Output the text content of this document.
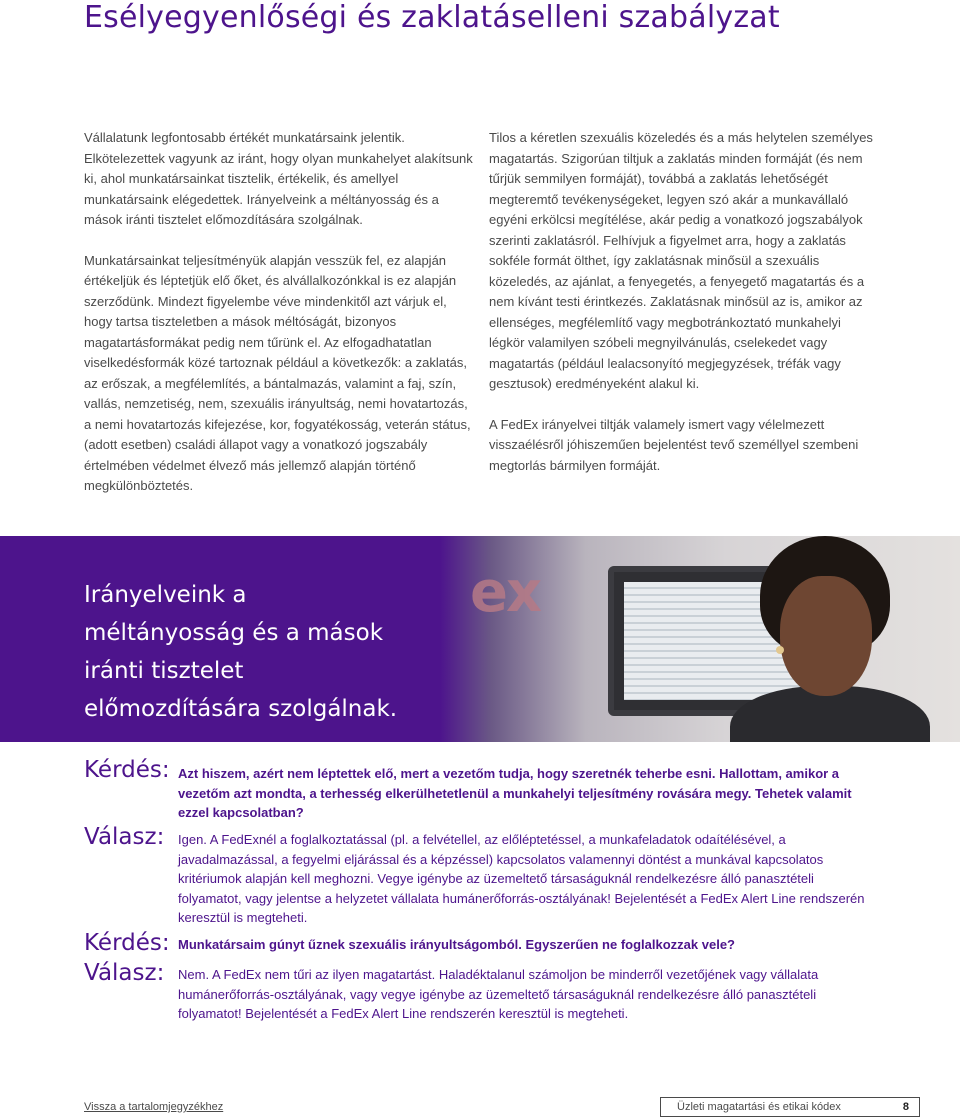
Esélyegyenlőségi és zaklatásellenі szabályzat

Vállalatunk legfontosabb értékét munkatársaink jelentik. Elkötelezettek vagyunk az iránt, hogy olyan munkahelyet alakítsunk ki, ahol munkatársainkat tisztelik, értékelik, és amellyel munkatársaink elégedettek. Irányelveink a méltányosság és a mások iránti tisztelet előmozdítására szolgálnak.

Munkatársainkat teljesítményük alapján vesszük fel, ez alapján értékeljük és léptetjük elő őket, és alvállalkozónkkal is ez alapján szerződünk. Mindezt figyelembe véve mindenkitől azt várjuk el, hogy tartsa tiszteletben a mások méltóságát, bizonyos magatartásformákat pedig nem tűrünk el. Az elfogadhatatlan viselkedésformák közé tartoznak például a következők: a zaklatás, az erőszak, a megfélemlítés, a bántalmazás, valamint a faj, szín, vallás, nemzetiség, nem, szexuális irányultság, nemi hovatartozás, a nemi hovatartozás kifejezése, kor, fogyatékosság, veterán státus, (adott esetben) családi állapot vagy a vonatkozó jogszabály értelmében védelmet élvező más jellemző alapján történő megkülönböztetés.

Tilos a kéretlen szexuális közeledés és a más helytelen személyes magatartás. Szigorúan tiltjuk a zaklatás minden formáját (és nem tűrjük semmilyen formáját), továbbá a zaklatás lehetőségét megteremtő tevékenységeket, legyen szó akár a munkavállaló egyéni erkölcsi megítélése, akár pedig a vonatkozó jogszabályok szerinti zaklatásról. Felhívjuk a figyelmet arra, hogy a zaklatás sokféle formát ölthet, így zaklatásnak minősül a szexuális közeledés, az ajánlat, a fenyegetés, a fenyegető magatartás és a nem kívánt testi érintkezés. Zaklatásnak minősül az is, amikor az ellenséges, megfélemlítő vagy megbotránkoztató munkahelyi légkör valamilyen szóbeli megnyilvánulás, cselekedet vagy magatartás (például lealacsonyító megjegyzések, tréfák vagy gesztusok) eredményeként alakul ki.

A FedEx irányelvei tiltják valamely ismert vagy vélelmezett visszaélésről jóhiszeműen bejelentést tevő személlyel szembeni megtorlás bármilyen formáját.

Irányelveink a méltányosság és a mások iránti tisztelet előmozdítására szolgálnak.
ex
Kérdés: Azt hiszem, azért nem léptettek elő, mert a vezetőm tudja, hogy szeretnék teherbe esni. Hallottam, amikor a vezetőm azt mondta, a terhesség elkerülhetetlenül a munkahelyi teljesítmény rovására megy. Tehetek valamit ezzel kapcsolatban?
Válasz: Igen. A FedExnél a foglalkoztatással (pl. a felvétellel, az előléptetéssel, a munkafeladatok odaítélésével, a javadalmazással, a fegyelmi eljárással és a képzéssel) kapcsolatos valamennyi döntést a munkával kapcsolatos kritériumok alapján kell meghozni. Vegye igénybe az üzemeltető társaságuknál rendelkezésre álló panasztételi folyamatot, vagy jelentse a helyzetet vállalata humánerőforrás-osztályának! Bejelentését a FedEx Alert Line rendszerén keresztül is megteheti.
Kérdés: Munkatársaim gúnyt űznek szexuális irányultságomból. Egyszerűen ne foglalkozzak vele?
Válasz: Nem. A FedEx nem tűri az ilyen magatartást. Haladéktalanul számoljon be minderről vezetőjének vagy vállalata humánerőforrás-osztályának, vagy vegye igénybe az üzemeltető társaságuknál rendelkezésre álló panasztételi folyamatot! Bejelentését a FedEx Alert Line rendszerén keresztül is megteheti.
Vissza a tartalomjegyzékhez	Üzleti magatartási és etikai kódex	8
